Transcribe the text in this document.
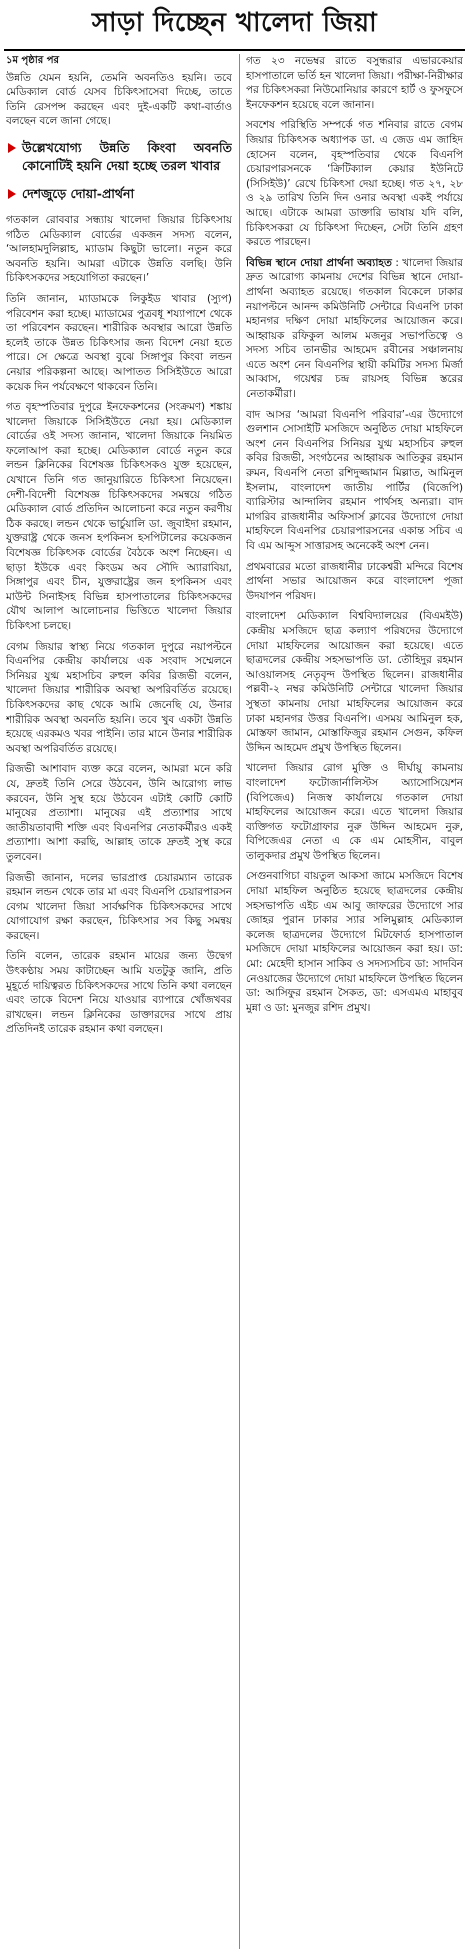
সাড়া দিচ্ছেন খালেদা জিয়া
১ম পৃষ্ঠার পর

উন্নতি যেমন হয়নি, তেমনি অবনতিও হয়নি। তবে মেডিক্যাল বোর্ড যেসব চিকিৎসাসেবা দিচ্ছে, তাতে তিনি রেসপন্স করছেন এবং দুই-একটি কথা-বার্তাও বলছেন বলে জানা গেছে।

উল্লেখযোগ্য উন্নতি কিংবা অবনতি কোনোটিই হয়নি দেয়া হচ্ছে তরল খাবার
দেশজুড়ে দোয়া-প্রার্থনা

গতকাল রোববার সন্ধ্যায় খালেদা জিয়ার চিকিৎসায় গঠিত মেডিক্যাল বোর্ডের একজন সদস্য বলেন, ‘আলহামদুলিল্লাহ, ম্যাডাম কিছুটা ভালো। নতুন করে অবনতি হয়নি। আমরা এটাকে উন্নতি বলছি। উনি চিকিৎসকদের সহযোগিতা করছেন।’

তিনি জানান, ম্যাডামকে লিকুইড খাবার (স্যুপ) পরিবেশন করা হচ্ছে। ম্যাডামের পুত্রবধূ শয্যাপাশে থেকে তা পরিবেশন করছেন। শারীরিক অবস্থার আরো উন্নতি হলেই তাকে উন্নত চিকিৎসার জন্য বিদেশ নেয়া হতে পারে। সে ক্ষেত্রে অবস্থা বুঝে সিঙ্গাপুর কিংবা লন্ডন নেয়ার পরিকল্পনা আছে। আপাতত সিসিইউতে আরো কয়েক দিন পর্যবেক্ষণে থাকবেন তিনি।

গত বৃহস্পতিবার দুপুরে ইনফেকশনের (সংক্রমণ) শঙ্কায় খালেদা জিয়াকে সিসিইউতে নেয়া হয়। মেডিক্যাল বোর্ডের ওই সদস্য জানান, খালেদা জিয়াকে নিয়মিত ফলোআপ করা হচ্ছে। মেডিক্যাল বোর্ডে নতুন করে লন্ডন ক্লিনিকের বিশেষজ্ঞ চিকিৎসকও যুক্ত হয়েছেন, যেখানে তিনি গত জানুয়ারিতে চিকিৎসা নিয়েছেন। দেশী-বিদেশী বিশেষজ্ঞ চিকিৎসকদের সমন্বয়ে গঠিত মেডিক্যাল বোর্ড প্রতিদিন আলোচনা করে নতুন করণীয় ঠিক করছে। লন্ডন থেকে ভার্চুয়ালি ডা. জুবাইদা রহমান, যুক্তরাষ্ট্র থেকে জনস হপকিনস হসপিটালের কয়েকজন বিশেষজ্ঞ চিকিৎসক বোর্ডের বৈঠকে অংশ নিচ্ছেন। এ ছাড়া ইউকে এবং কিংডম অব সৌদি অ্যারাবিয়া, সিঙ্গাপুর এবং চীন, যুক্তরাষ্ট্রের জন হপকিনস এবং মাউন্ট সিনাইসহ বিভিন্ন হাসপাতালের চিকিৎসকদের যৌথ আলাপ আলোচনার ভিত্তিতে খালেদা জিয়ার চিকিৎসা চলছে।

বেগম জিয়ার স্বাস্থ্য নিয়ে গতকাল দুপুরে নয়াপল্টনে বিএনপির কেন্দ্রীয় কার্যালয়ে এক সংবাদ সম্মেলনে সিনিয়র যুগ্ম মহাসচিব রুহুল কবির রিজভী বলেন, খালেদা জিয়ার শারীরিক অবস্থা অপরিবর্তিত রয়েছে। চিকিৎসকদের কাছ থেকে আমি জেনেছি যে, উনার শারীরিক অবস্থা অবনতি হয়নি। তবে খুব একটা উন্নতি হয়েছে এরকমও খবর পাইনি। তার মানে উনার শারীরিক অবস্থা অপরিবর্তিত রয়েছে।

রিজভী আশাবাদ ব্যক্ত করে বলেন, আমরা মনে করি যে, দ্রুতই তিনি সেরে উঠবেন, উনি আরোগ্য লাভ করবেন, উনি সুস্থ হয়ে উঠবেন এটাই কোটি কোটি মানুষের প্রত্যাশা। মানুষের এই প্রত্যাশার সাথে জাতীয়তাবাদী শক্তি এবং বিএনপির নেতাকর্মীরও একই প্রত্যাশা। আশা করছি, আল্লাহ তাকে দ্রুতই সুস্থ করে তুলবেন।

রিজভী জানান, দলের ভারপ্রাপ্ত চেয়ারম্যান তারেক রহমান লন্ডন থেকে তার মা এবং বিএনপি চেয়ারপারসন বেগম খালেদা জিয়া সার্বক্ষণিক চিকিৎসকদের সাথে যোগাযোগ রক্ষা করছেন, চিকিৎসার সব কিছু সমন্বয় করছেন।

তিনি বলেন, তারেক রহমান মায়ের জন্য উদ্বেগ উৎকণ্ঠায় সময় কাটাচ্ছেন আমি যতটুকু জানি, প্রতি মুহূর্তে দায়িত্বরত চিকিৎসকদের সাথে তিনি কথা বলছেন এবং তাকে বিদেশ নিয়ে যাওয়ার ব্যাপারে খোঁজখবর রাখছেন। লন্ডন ক্লিনিকের ডাক্তারদের সাথে প্রায় প্রতিদিনই তারেক রহমান কথা বলছেন।

গত ২৩ নভেম্বর রাতে বসুন্ধরার এভারকেয়ার হাসপাতালে ভর্তি হন খালেদা জিয়া। পরীক্ষা-নিরীক্ষার পর চিকিৎসকরা নিউমোনিয়ার কারণে হার্ট ও ফুসফুসে ইনফেকশন হয়েছে বলে জানান।

সবশেষ পরিস্থিতি সম্পর্কে গত শনিবার রাতে বেগম জিয়ার চিকিৎসক অধ্যাপক ডা. এ জেড এম জাহিদ হোসেন বলেন, বৃহস্পতিবার থেকে বিএনপি চেয়ারপারসনকে ‘ক্রিটিক্যাল কেয়ার ইউনিটে (সিসিইউ)’ রেখে চিকিৎসা দেয়া হচ্ছে। গত ২৭, ২৮ ও ২৯ তারিখ তিনি দিন ওনার অবস্থা একই পর্যায়ে আছে। এটাকে আমরা ডাক্তারি ভাষায় যদি বলি, চিকিৎসকরা যে চিকিৎসা দিচ্ছেন, সেটা তিনি গ্রহণ করতে পারছেন।

বিভিন্ন স্থানে দোয়া প্রার্থনা অব্যাহত : খালেদা জিয়ার দ্রুত আরোগ্য কামনায় দেশের বিভিন্ন স্থানে দোয়া-প্রার্থনা অব্যাহত রয়েছে। গতকাল বিকেলে ঢাকার নয়াপল্টনে আনন্দ কমিউনিটি সেন্টারে বিএনপি ঢাকা মহানগর দক্ষিণ দোয়া মাহফিলের আয়োজন করে। আহ্বায়ক রফিকুল আলম মজনুর সভাপতিত্বে ও সদস্য সচিব তানভীর আহমেদ রবীনের সঞ্চালনায় এতে অংশ নেন বিএনপির স্থায়ী কমিটির সদস্য মির্জা আব্বাস, গয়েশ্বর চন্দ্র রায়সহ বিভিন্ন স্তরের নেতাকর্মীরা।

বাদ আসর ‘আমরা বিএনপি পরিবার’-এর উদ্যোগে গুলশান সোসাইটি মসজিদে অনুষ্ঠিত দোয়া মাহফিলে অংশ নেন বিএনপির সিনিয়র যুগ্ম মহাসচিব রুহুল কবির রিজভী, সংগঠনের আহ্বায়ক আতিকুর রহমান রুমন, বিএনপি নেতা রশিদুজ্জামান মিল্লাত, আমিনুল ইসলাম, বাংলাদেশ জাতীয় পার্টির (বিজেপি) ব্যারিস্টার আন্দালিব রহমান পার্থসহ অন্যরা। বাদ মাগরিব রাজধানীর অফিসার্স ক্লাবের উদ্যোগে দোয়া মাহফিলে বিএনপির চেয়ারপারসনের একান্ত সচিব এ বি এম আব্দুস সাত্তারসহ অনেকেই অংশ নেন।

প্রথমবারের মতো রাজধানীর ঢাকেশ্বরী মন্দিরে বিশেষ প্রার্থনা সভার আয়োজন করে বাংলাদেশ পূজা উদযাপন পরিষদ।

বাংলাদেশ মেডিক্যাল বিশ্ববিদ্যালয়ের (বিএমইউ) কেন্দ্রীয় মসজিদে ছাত্র কল্যাণ পরিষদের উদ্যোগে দোয়া মাহফিলের আয়োজন করা হয়েছে। এতে ছাত্রদলের কেন্দ্রীয় সহসভাপতি ডা. তৌহিদুর রহমান আওয়ালসহ নেতৃবৃন্দ উপস্থিত ছিলেন। রাজধানীর পল্লবী-২ নম্বর কমিউনিটি সেন্টারে খালেদা জিয়ার সুস্থতা কামনায় দোয়া মাহফিলের আয়োজন করে ঢাকা মহানগর উত্তর বিএনপি। এসময় আমিনুল হক, মোস্তফা জামান, মোস্তাফিজুর রহমান সেগুন, কফিল উদ্দিন আহমেদ প্রমুখ উপস্থিত ছিলেন।

খালেদা জিয়ার রোগ মুক্তি ও দীর্ঘায়ু কামনায় বাংলাদেশ ফটোজার্নালিস্টস অ্যাসোসিয়েশন (বিপিজেএ) নিজস্ব কার্যালয়ে গতকাল দোয়া মাহফিলের আয়োজন করে। এতে খালেদা জিয়ার ব্যক্তিগত ফটোগ্রাফার নুরু উদ্দিন আহমেদ নুরু, বিপিজেএর নেতা এ কে এম মোহসীন, বাবুল তালুকদার প্রমুখ উপস্থিত ছিলেন।

সেগুনবাগিচা বায়তুল আকসা জামে মসজিদে বিশেষ দোয়া মাহফিল অনুষ্ঠিত হয়েছে ছাত্রদলের কেন্দ্রীয় সহসভাপতি এইচ এম আবু জাফরের উদ্যোগে সার জোহর পুরান ঢাকার স্যার সলিমুল্লাহ মেডিক্যাল কলেজ ছাত্রদলের উদ্যোগে মিটফোর্ড হাসপাতাল মসজিদে দোয়া মাহফিলের আয়োজন করা হয়। ডা: মো: মেহেদী হাসান সাকিব ও সদস্যসচিব ডা: সাদবিন নেওয়াজের উদ্যোগে দোয়া মাহফিলে উপস্থিত ছিলেন ডা: আসিফুর রহমান সৈকত, ডা: এসএমএ মাহাবুব মুন্না ও ডা: মুনজুর রশিদ প্রমুখ।
